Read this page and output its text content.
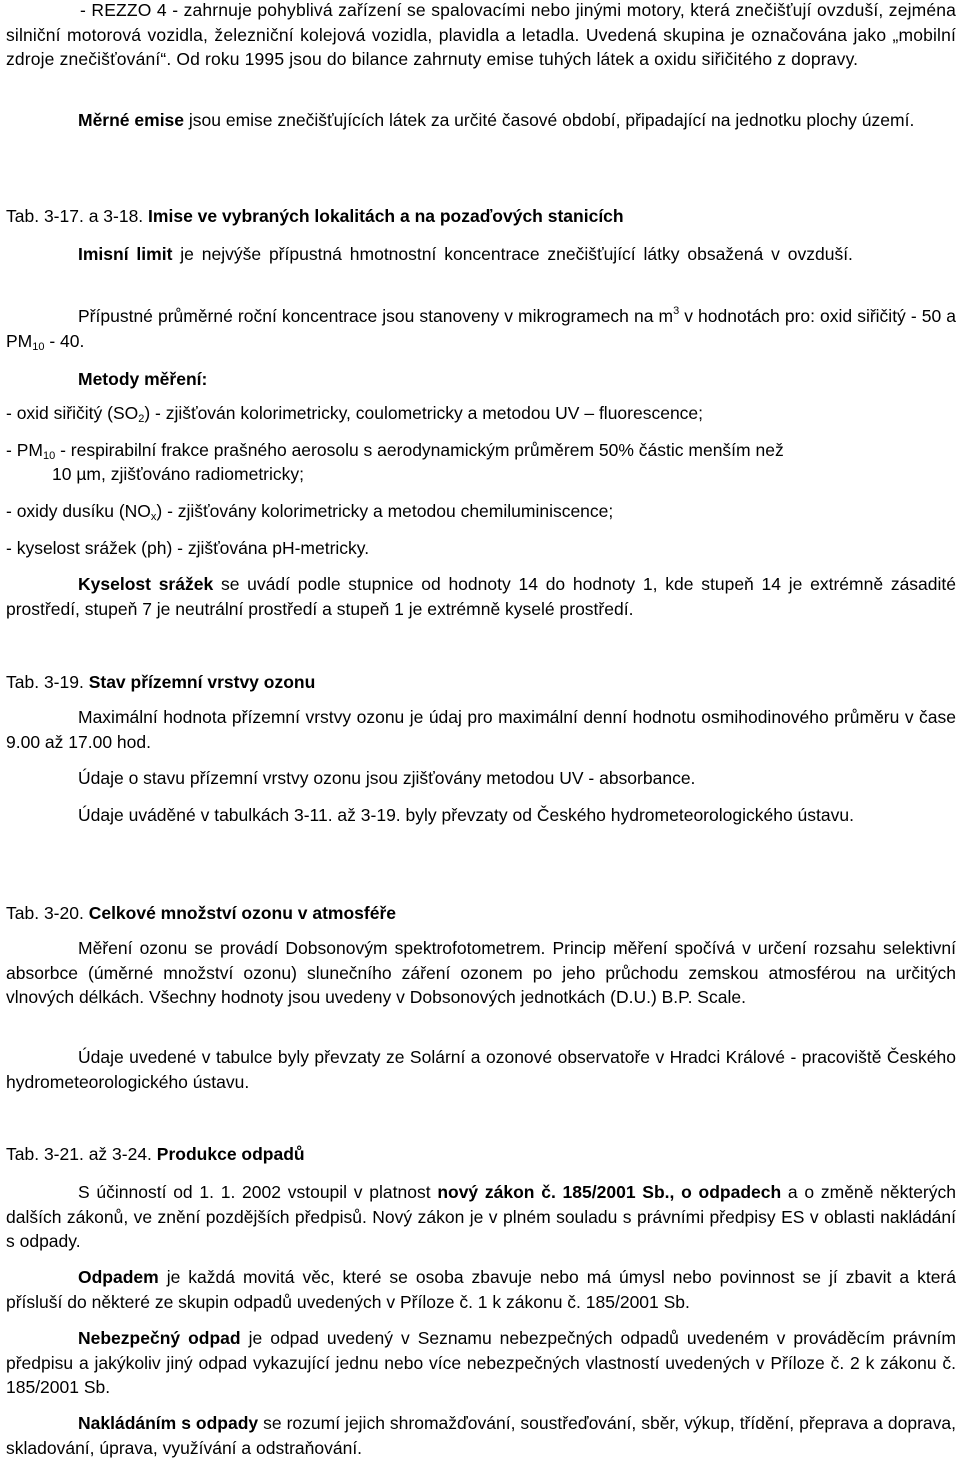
- REZZO 4 - zahrnuje pohyblivá zařízení se spalovacími nebo jinými motory, která znečišťují ovzduší, zejména silniční motorová vozidla, železniční kolejová vozidla, plavidla a letadla. Uvedená skupina je označována jako „mobilní zdroje znečišťování“. Od roku 1995 jsou do bilance zahrnuty emise tuhých látek a oxidu siřičitého z dopravy.
Měrné emise jsou emise znečišťujících látek za určité časové období, připadající na jednotku plochy území.
Tab. 3-17. a 3-18. Imise ve vybraných lokalitách a na pozaďových stanicích
Imisní limit je nejvýše přípustná hmotnostní koncentrace znečišťující látky obsažená v ovzduší.
Přípustné průměrné roční koncentrace jsou stanoveny v mikrogramech na $m^3$ v hodnotách pro: oxid siřičitý - 50 a $PM_{10} - 40$.
Metody měření:
- oxid siřičitý $(SO_2)$ - zjišťován kolorimetricky, coulometricky a metodou UV – fluorescence;
- $PM_{10}$ - respirabilní frakce prašného aerosolu s aerodynamickým průměrem 50% částic menším než
10 µm, zjišťováno radiometricky;
- oxidy dusíku $(NO_x)$ - zjišťovány kolorimetricky a metodou chemiluminiscence;
- kyselost srážek (ph) - zjišťována pH-metricky.
Kyselost srážek se uvádí podle stupnice od hodnoty 14 do hodnoty 1, kde stupeň 14 je extrémně zásadité prostředí, stupeň 7 je neutrální prostředí a stupeň 1 je extrémně kyselé prostředí.
Tab. 3-19. Stav přízemní vrstvy ozonu
Maximální hodnota přízemní vrstvy ozonu je údaj pro maximální denní hodnotu osmihodinového průměru v čase 9.00 až 17.00 hod.
Údaje o stavu přízemní vrstvy ozonu jsou zjišťovány metodou UV - absorbance.
Údaje uváděné v tabulkách 3-11. až 3-19. byly převzaty od Českého hydrometeorologického ústavu.
Tab. 3-20. Celkové množství ozonu v atmosféře
Měření ozonu se provádí Dobsonovým spektrofotometrem. Princip měření spočívá v určení rozsahu selektivní absorbce (úměrné množství ozonu) slunečního záření ozonem po jeho průchodu zemskou atmosférou na určitých vlnových délkách. Všechny hodnoty jsou uvedeny v Dobsonových jednotkách (D.U.) B.P. Scale.
Údaje uvedené v tabulce byly převzaty ze Solární a ozonové observatoře v Hradci Králové - pracoviště Českého hydrometeorologického ústavu.
Tab. 3-21. až 3-24. Produkce odpadů
S účinností od 1. 1. 2002 vstoupil v platnost nový zákon č. 185/2001 Sb., o odpadech a o změně některých dalších zákonů, ve znění pozdějších předpisů. Nový zákon je v plném souladu s právními předpisy ES v oblasti nakládání s odpady.
Odpadem je každá movitá věc, které se osoba zbavuje nebo má úmysl nebo povinnost se jí zbavit a která přísluší do některé ze skupin odpadů uvedených v Příloze č. 1 k zákonu č. 185/2001 Sb.
Nebezpečný odpad je odpad uvedený v Seznamu nebezpečných odpadů uvedeném v prováděcím právním předpisu a jakýkoliv jiný odpad vykazující jednu nebo více nebezpečných vlastností uvedených v Příloze č. 2 k zákonu č. 185/2001 Sb.
Nakládáním s odpady se rozumí jejich shromažďování, soustřeďování, sběr, výkup, třídění, přeprava a doprava, skladování, úprava, využívání a odstraňování.
